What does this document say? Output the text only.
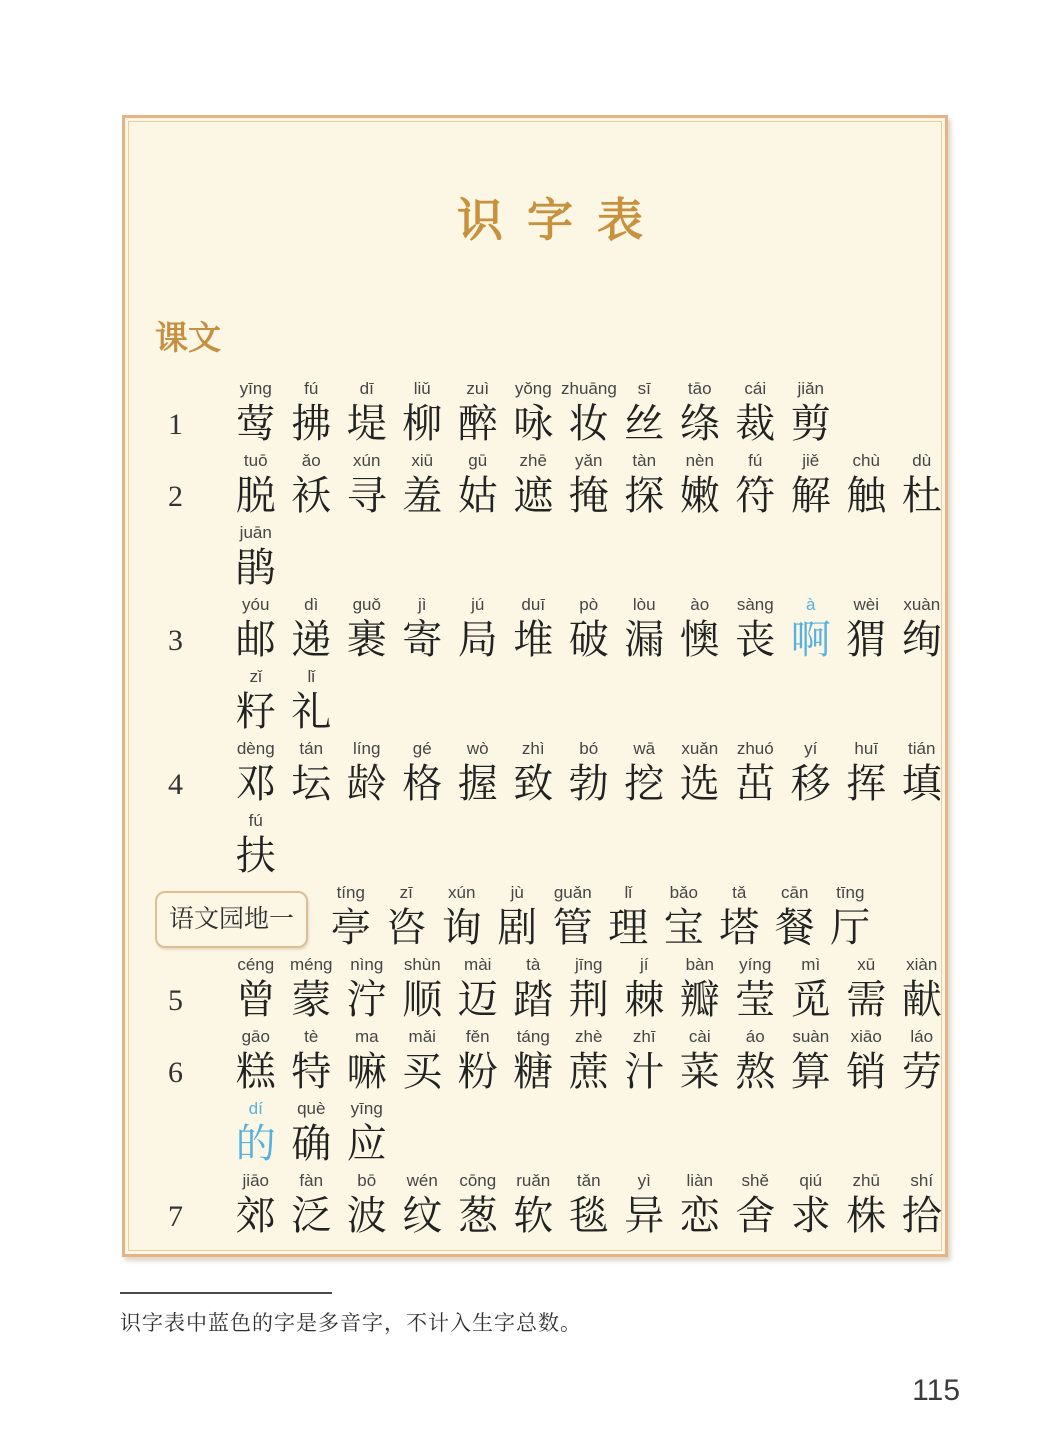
识字表
课文
1
yīng
莺
fú
拂
dī
堤
liǔ
柳
zuì
醉
yǒng
咏
zhuāng
妆
sī
丝
tāo
绦
cái
裁
jiǎn
剪
2
tuō
脱
ǎo
袄
xún
寻
xiū
羞
gū
姑
zhē
遮
yǎn
掩
tàn
探
nèn
嫩
fú
符
jiě
解
chù
触
dù
杜
juān
鹃
3
yóu
邮
dì
递
guǒ
裹
jì
寄
jú
局
duī
堆
pò
破
lòu
漏
ào
懊
sàng
丧
à
啊
wèi
猬
xuàn
绚
zǐ
籽
lǐ
礼
4
dèng
邓
tán
坛
líng
龄
gé
格
wò
握
zhì
致
bó
勃
wā
挖
xuǎn
选
zhuó
茁
yí
移
huī
挥
tián
填
fú
扶
语文园地一
tíng
亭
zī
咨
xún
询
jù
剧
guǎn
管
lǐ
理
bǎo
宝
tǎ
塔
cān
餐
tīng
厅
5
céng
曾
méng
蒙
nìng
泞
shùn
顺
mài
迈
tà
踏
jīng
荆
jí
棘
bàn
瓣
yíng
莹
mì
觅
xū
需
xiàn
献
6
gāo
糕
tè
特
ma
嘛
mǎi
买
fěn
粉
táng
糖
zhè
蔗
zhī
汁
cài
菜
áo
熬
suàn
算
xiāo
销
láo
劳
dí
的
què
确
yīng
应
7
jiāo
郊
fàn
泛
bō
波
wén
纹
cōng
葱
ruǎn
软
tǎn
毯
yì
异
liàn
恋
shě
舍
qiú
求
zhū
株
shí
拾
识字表中蓝色的字是多音字，不计入生字总数。
115
